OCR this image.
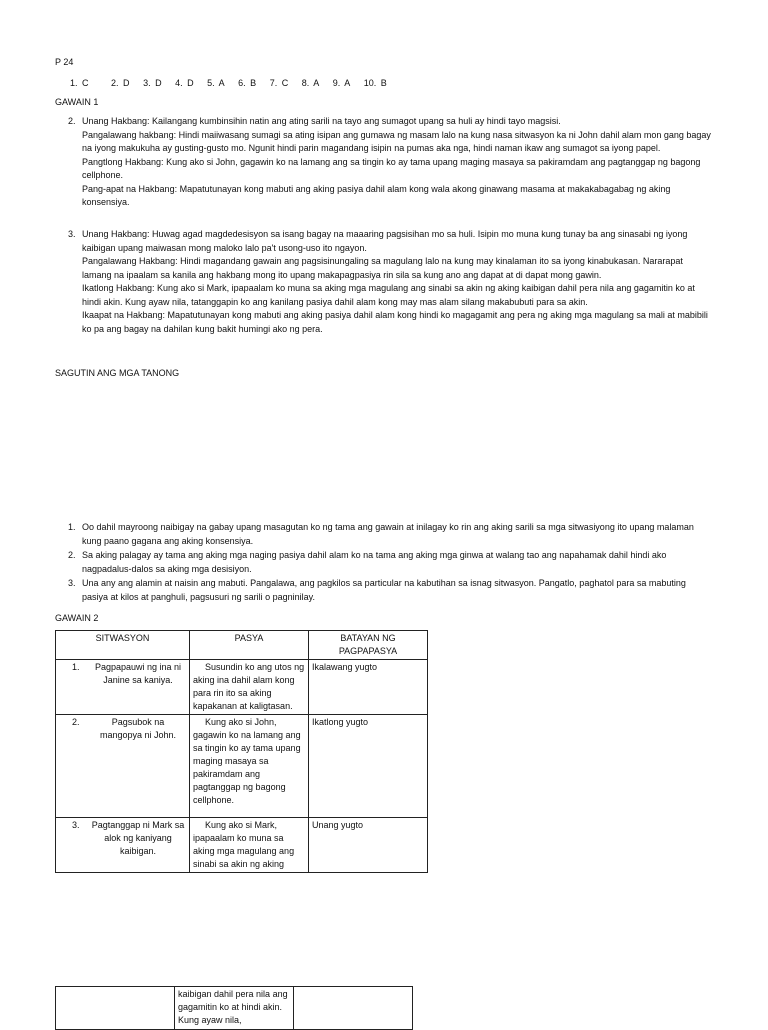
P 24
1. C	2. D 3. D 4. D 5. A 6. B 7. C 8. A 9. A 10. B
GAWAIN 1
2. Unang Hakbang: Kailangang kumbinsihin natin ang ating sarili na tayo ang sumagot upang sa huli ay hindi tayo magsisi.

Pangalawang hakbang: Hindi maiiwasang sumagi sa ating isipan ang gumawa ng masam lalo na kung nasa sitwasyon ka ni John dahil alam mon gang bagay na iyong makukuha ay gusting-gusto mo. Ngunit hindi parin magandang isipin na pumas aka nga, hindi naman ikaw ang sumagot sa iyong papel.

Pangtlong Hakbang: Kung ako si John, gagawin ko na lamang ang sa tingin ko ay tama upang maging masaya sa pakiramdam ang pagtanggap ng bagong cellphone.

Pang-apat na Hakbang: Mapatutunayan kong mabuti ang aking pasiya dahil alam kong wala akong ginawang masama at makakabagabag ng aking konsensiya.

3. Unang Hakbang: Huwag agad magdedesisyon sa isang bagay na maaaring pagsisihan mo sa huli. Isipin mo muna kung tunay ba ang sinasabi ng iyong kaibigan upang maiwasan mong maloko lalo pa't usong-uso ito ngayon.

Pangalawang Hakbang: Hindi magandang gawain ang pagsisinungaling sa magulang lalo na kung may kinalaman ito sa iyong kinabukasan. Nararapat lamang na ipaalam sa kanila ang hakbang mong ito upang makapagpasiya rin sila sa kung ano ang dapat at di dapat mong gawin.

Ikatlong Hakbang: Kung ako si Mark, ipapaalam ko muna sa aking mga magulang ang sinabi sa akin ng aking kaibigan dahil pera nila ang gagamitin ko at hindi akin. Kung ayaw nila, tatanggapin ko ang kanilang pasiya dahil alam kong may mas alam silang makabubuti para sa akin.

Ikaapat na Hakbang: Mapatutunayan kong mabuti ang aking pasiya dahil alam kong hindi ko magagamit ang pera ng aking mga magulang sa mali at mabibili ko pa ang bagay na dahilan kung bakit humingi ako ng pera.

SAGUTIN ANG MGA TANONG
1. Oo dahil mayroong naibigay na gabay upang masagutan ko ng tama ang gawain at inilagay ko rin ang aking sarili sa mga sitwasiyong ito upang malaman kung paano gagana ang aking konsensiya.
2. Sa aking palagay ay tama ang aking mga naging pasiya dahil alam ko na tama ang aking mga ginwa at walang tao ang napahamak dahil hindi ako nagpadalus-dalos sa aking mga desisiyon.
3. Una any ang alamin at naisin ang mabuti. Pangalawa, ang pagkilos sa particular na kabutihan sa isnag sitwasyon. Pangatlo, paghatol para sa mabuting pasiya at kilos at panghuli, pagsusuri ng sarili o pagninilay.
GAWAIN 2
SITWASYON	PASYA	BATAYAN NG PAGPAPASYA

1. Pagpapauwi ng ina ni Janine sa kaniya.	Susundin ko ang utos ng aking ina dahil alam kong para rin ito sa aking kapakanan at kaligtasan.	Ikalawang yugto

2. Pagsubok na mangopya ni John.	Kung ako si John, gagawin ko na lamang ang sa tingin ko ay tama upang maging masaya sa pakiramdam ang pagtanggap ng bagong cellphone.	Ikatlong yugto

3. Pagtanggap ni Mark sa alok ng kaniyang kaibigan.	Kung ako si Mark, ipapaalam ko muna sa aking mga magulang ang sinabi sa akin ng aking	Unang yugto
	kaibigan dahil pera nila ang gagamitin ko at hindi akin. Kung ayaw nila,	
